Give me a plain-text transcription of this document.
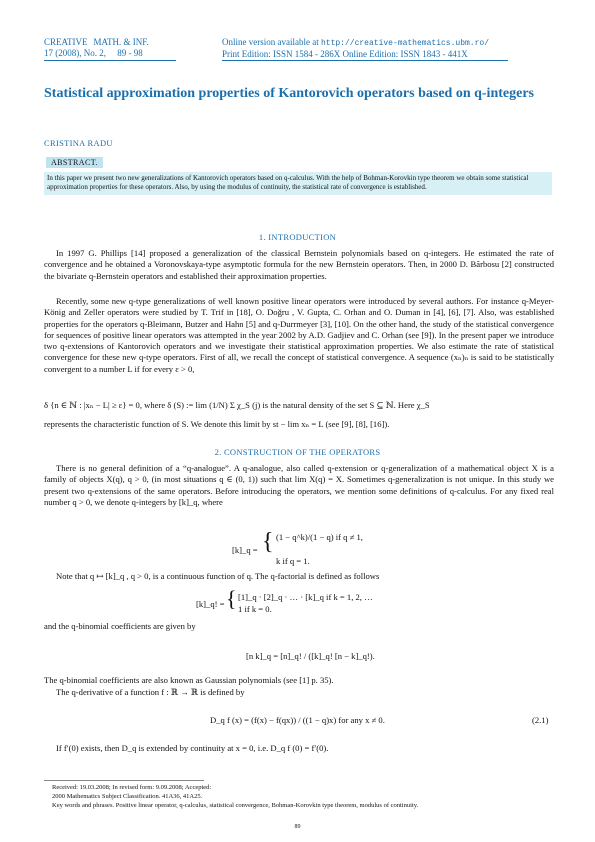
CREATIVE MATH. & INF.
17 (2008), No. 2, 89 - 98
Online version available at http://creative-mathematics.ubm.ro/
Print Edition: ISSN 1584 - 286X Online Edition: ISSN 1843 - 441X
Statistical approximation properties of Kantorovich operators based on q-integers
CRISTINA RADU
ABSTRACT.
In this paper we present two new generalizations of Kantorovich operators based on q-calculus. With the help of Bohman-Korovkin type theorem we obtain some statistical approximation properties for these operators. Also, by using the modulus of continuity, the statistical rate of convergence is established.
1. INTRODUCTION
In 1997 G. Phillips [14] proposed a generalization of the classical Bernstein polynomials based on q-integers. He estimated the rate of convergence and he obtained a Voronovskaya-type asymptotic formula for the new Bernstein operators. Then, in 2000 D. Bărbosu [2] constructed the bivariate q-Bernstein operators and established their approximation properties.
Recently, some new q-type generalizations of well known positive linear operators were introduced by several authors. For instance q-Meyer-König and Zeller operators were studied by T. Trif in [18], O. Doğru , V. Gupta, C. Orhan and O. Duman in [4], [6], [7]. Also, was established properties for the operators q-Bleimann, Butzer and Hahn [5] and q-Durrmeyer [3], [10]. On the other hand, the study of the statistical convergence for sequences of positive linear operators was attempted in the year 2002 by A.D. Gadjiev and C. Orhan (see [9]). In the present paper we introduce two q-extensions of Kantorovich operators and we investigate their statistical approximation properties. We also estimate the rate of statistical convergence for these new q-type operators. First of all, we recall the concept of statistical convergence. A sequence (xₙ)ₙ is said to be statistically convergent to a number L if for every ε > 0,
δ {n ∈ ℕ : |xₙ − L| ≥ ε} = 0, where δ (S) := lim (1/N) Σ χ_S (j) is the natural density of the set S ⊆ ℕ. Here χ_S
represents the characteristic function of S. We denote this limit by st − lim xₙ = L (see [9], [8], [16]).
2. CONSTRUCTION OF THE OPERATORS
There is no general definition of a “q-analogue”. A q-analogue, also called q-extension or q-generalization of a mathematical object X is a family of objects X(q), q > 0, (in most situations q ∈ (0, 1)) such that lim X(q) = X. Sometimes q-generalization is not unique. In this study we present two q-extensions of the same operators. Before introducing the operators, we mention some definitions of q-calculus. For any fixed real number q > 0, we denote q-integers by [k]_q, where
[k]_q = { (1 − q^k)/(1 − q) if q ≠ 1,
k if q = 1.
Note that q ↦ [k]_q , q > 0, is a continuous function of q. The q-factorial is defined as follows
[k]_q! = { [1]_q · [2]_q · … · [k]_q if k = 1, 2, …
1 if k = 0.
and the q-binomial coefficients are given by
[n k]_q = [n]_q! / ([k]_q! [n − k]_q!).
The q-binomial coefficients are also known as Gaussian polynomials (see [1] p. 35).
The q-derivative of a function f : ℝ → ℝ is defined by
D_q f (x) = (f(x) − f(qx)) / ((1 − q)x) for any x ≠ 0.	(2.1)
If f′(0) exists, then D_q is extended by continuity at x = 0, i.e. D_q f (0) = f′(0).
Received: 19.03.2008; In revised form: 9.09.2008; Accepted:
2000 Mathematics Subject Classification. 41A36, 41A25.
Key words and phrases. Positive linear operator, q-calculus, statistical convergence, Bohman-Korovkin type theorem, modulus of continuity.
89
